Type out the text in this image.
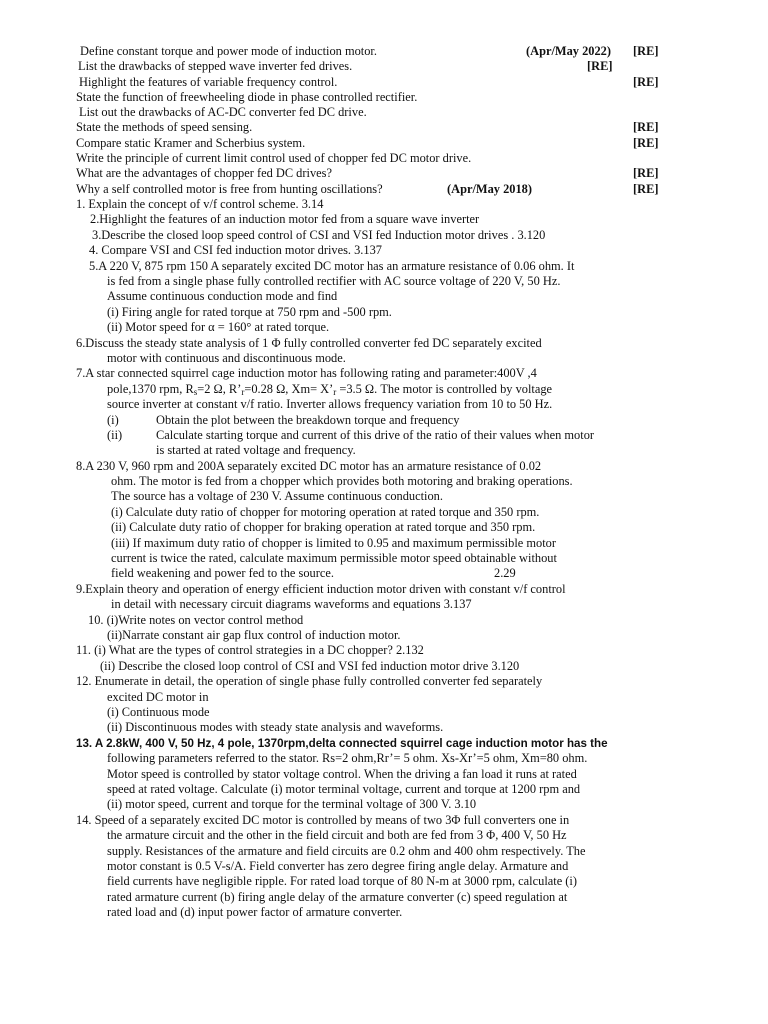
Define constant torque and power mode of induction motor.	(Apr/May 2022) [RE]
List the drawbacks of stepped wave inverter fed drives.	[RE]
Highlight the features of variable frequency control.	[RE]
State the function of freewheeling diode in phase controlled rectifier.
List out the drawbacks of AC-DC converter fed DC drive.
State the methods of speed sensing.	[RE]
Compare static Kramer and Scherbius system.	[RE]
Write the principle of current limit control used of chopper fed DC motor drive.
What are the advantages of chopper fed DC drives?	[RE]
Why a self controlled motor is free from hunting oscillations?	(Apr/May 2018)	[RE]
1. Explain the concept of v/f control scheme. 3.14
2.Highlight the features of an induction motor fed from a square wave inverter
3.Describe the closed loop speed control of CSI and VSI fed Induction motor drives . 3.120
4. Compare VSI and CSI fed induction motor drives. 3.137
5.A 220 V, 875 rpm 150 A separately excited DC motor has an armature resistance of 0.06 ohm. It
is fed from a single phase fully controlled rectifier with AC source voltage of 220 V, 50 Hz.
Assume continuous conduction mode and find
(i) Firing angle for rated torque at 750 rpm and -500 rpm.
(ii) Motor speed for α = 160° at rated torque.
6.Discuss the steady state analysis of 1 Φ fully controlled converter fed DC separately excited
motor with continuous and discontinuous mode.
7.A star connected squirrel cage induction motor has following rating and parameter:400V ,4
pole,1370 rpm, $R_s=2$ Ω, $R’_r=0.28$ Ω, $Xm= X’_r =3.5$ Ω. The motor is controlled by voltage
source inverter at constant v/f ratio. Inverter allows frequency variation from 10 to 50 Hz.
(i)	Obtain the plot between the breakdown torque and frequency
(ii)	Calculate starting torque and current of this drive of the ratio of their values when motor
is started at rated voltage and frequency.
8.A 230 V, 960 rpm and 200A separately excited DC motor has an armature resistance of 0.02
ohm. The motor is fed from a chopper which provides both motoring and braking operations.
The source has a voltage of 230 V. Assume continuous conduction.
(i) Calculate duty ratio of chopper for motoring operation at rated torque and 350 rpm.
(ii) Calculate duty ratio of chopper for braking operation at rated torque and 350 rpm.
(iii) If maximum duty ratio of chopper is limited to 0.95 and maximum permissible motor
current is twice the rated, calculate maximum permissible motor speed obtainable without
field weakening and power fed to the source.	2.29
9.Explain theory and operation of energy efficient induction motor driven with constant v/f control
in detail with necessary circuit diagrams waveforms and equations 3.137
10. (i)Write notes on vector control method
(ii)Narrate constant air gap flux control of induction motor.
11. (i) What are the types of control strategies in a DC chopper? 2.132
(ii) Describe the closed loop control of CSI and VSI fed induction motor drive 3.120
12. Enumerate in detail, the operation of single phase fully controlled converter fed separately
excited DC motor in
(i) Continuous mode
(ii) Discontinuous modes with steady state analysis and waveforms.
13. A 2.8kW, 400 V, 50 Hz, 4 pole, 1370rpm,delta connected squirrel cage induction motor has the
following parameters referred to the stator. Rs=2 ohm,Rr’= 5 ohm. Xs-Xr’=5 ohm, Xm=80 ohm.
Motor speed is controlled by stator voltage control. When the driving a fan load it runs at rated
speed at rated voltage. Calculate (i) motor terminal voltage, current and torque at 1200 rpm and
(ii) motor speed, current and torque for the terminal voltage of 300 V. 3.10
14. Speed of a separately excited DC motor is controlled by means of two 3Φ full converters one in
the armature circuit and the other in the field circuit and both are fed from 3 Φ, 400 V, 50 Hz
supply. Resistances of the armature and field circuits are 0.2 ohm and 400 ohm respectively. The
motor constant is 0.5 V-s/A. Field converter has zero degree firing angle delay. Armature and
field currents have negligible ripple. For rated load torque of 80 N-m at 3000 rpm, calculate (i)
rated armature current (b) firing angle delay of the armature converter (c) speed regulation at
rated load and (d) input power factor of armature converter.
